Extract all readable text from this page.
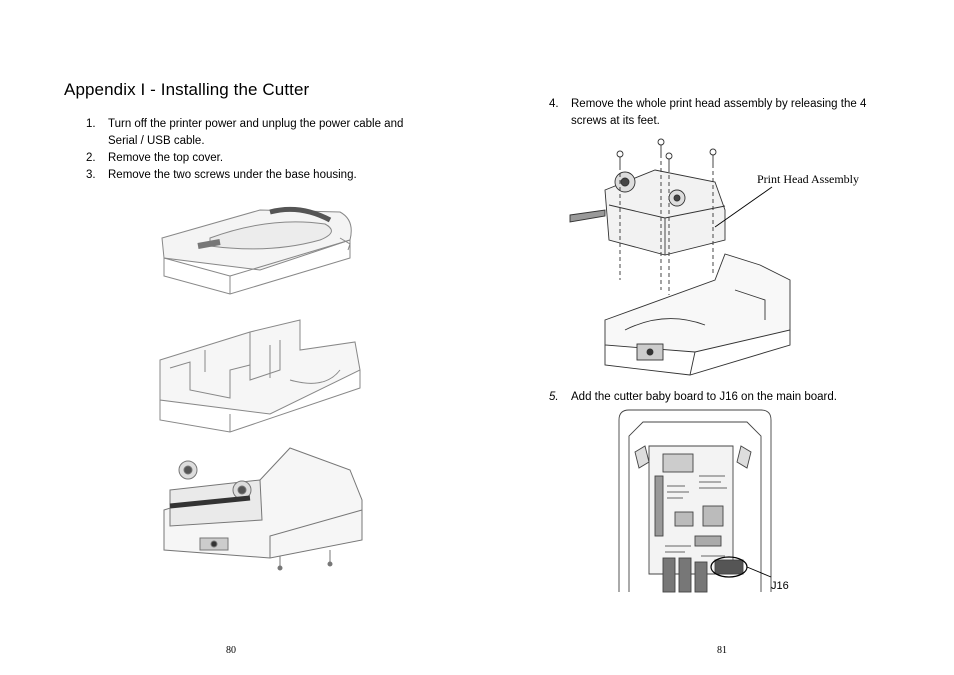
Appendix I - Installing the Cutter
1. Turn off the printer power and unplug the power cable and
Serial / USB cable.
2. Remove the top cover.
3. Remove the two screws under the base housing.
80
4. Remove the whole print head assembly by releasing the 4
screws at its feet.
Print Head Assembly
5. Add the cutter baby board to J16 on the main board.
J16
81
